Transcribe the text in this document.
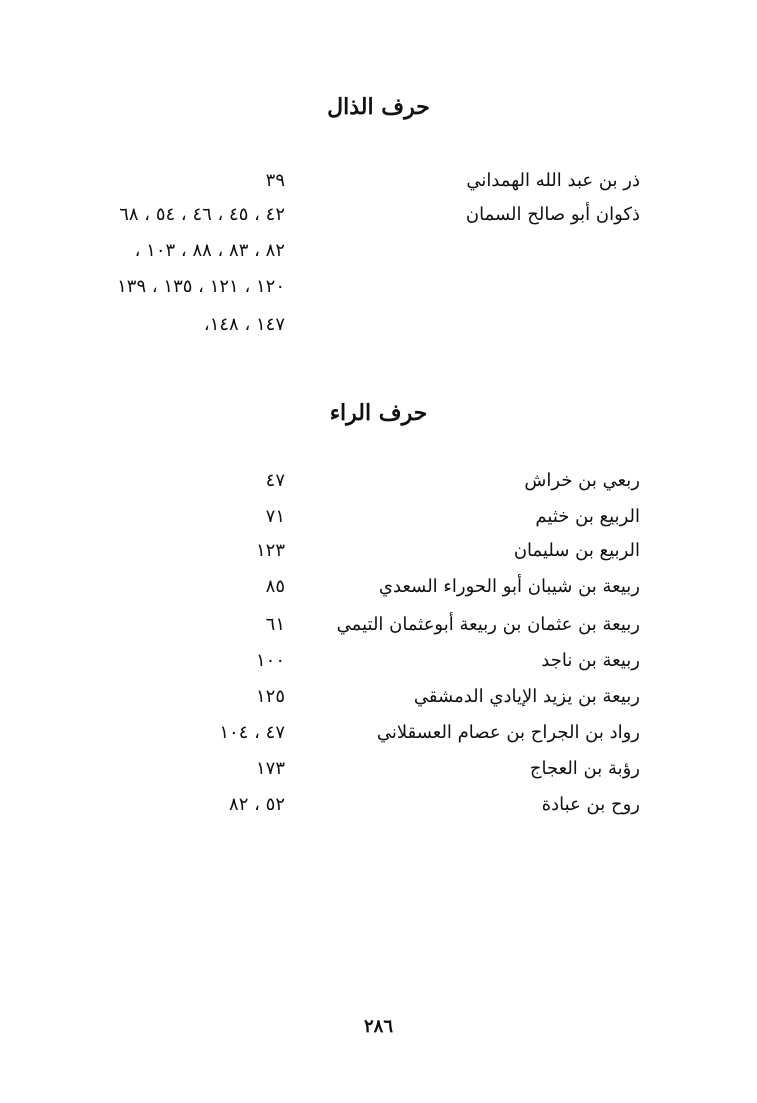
حرف الذال
ذر بن عبد الله الهمداني
٣٩
ذكوان أبو صالح السمان
٤٢ ، ٤٥ ، ٤٦ ، ٥٤ ، ٦٨
٨٢ ، ٨٣ ، ٨٨ ، ١٠٣ ،
١٢٠ ، ١٢١ ، ١٣٥ ، ١٣٩
١٤٧ ، ١٤٨،
حرف الراء
ربعي بن خراش
٤٧
الربيع بن خثيم
٧١
الربيع بن سليمان
١٢٣
ربيعة بن شيبان أبو الحوراء السعدي
٨٥
ربيعة بن عثمان بن ربيعة أبوعثمان التيمي
٦١
ربيعة بن ناجد
١٠٠
ربيعة بن يزيد الإيادي الدمشقي
١٢٥
رواد بن الجراح بن عصام العسقلاني
٤٧ ، ١٠٤
رؤبة بن العجاج
١٧٣
روح بن عبادة
٥٢ ، ٨٢
٢٨٦
